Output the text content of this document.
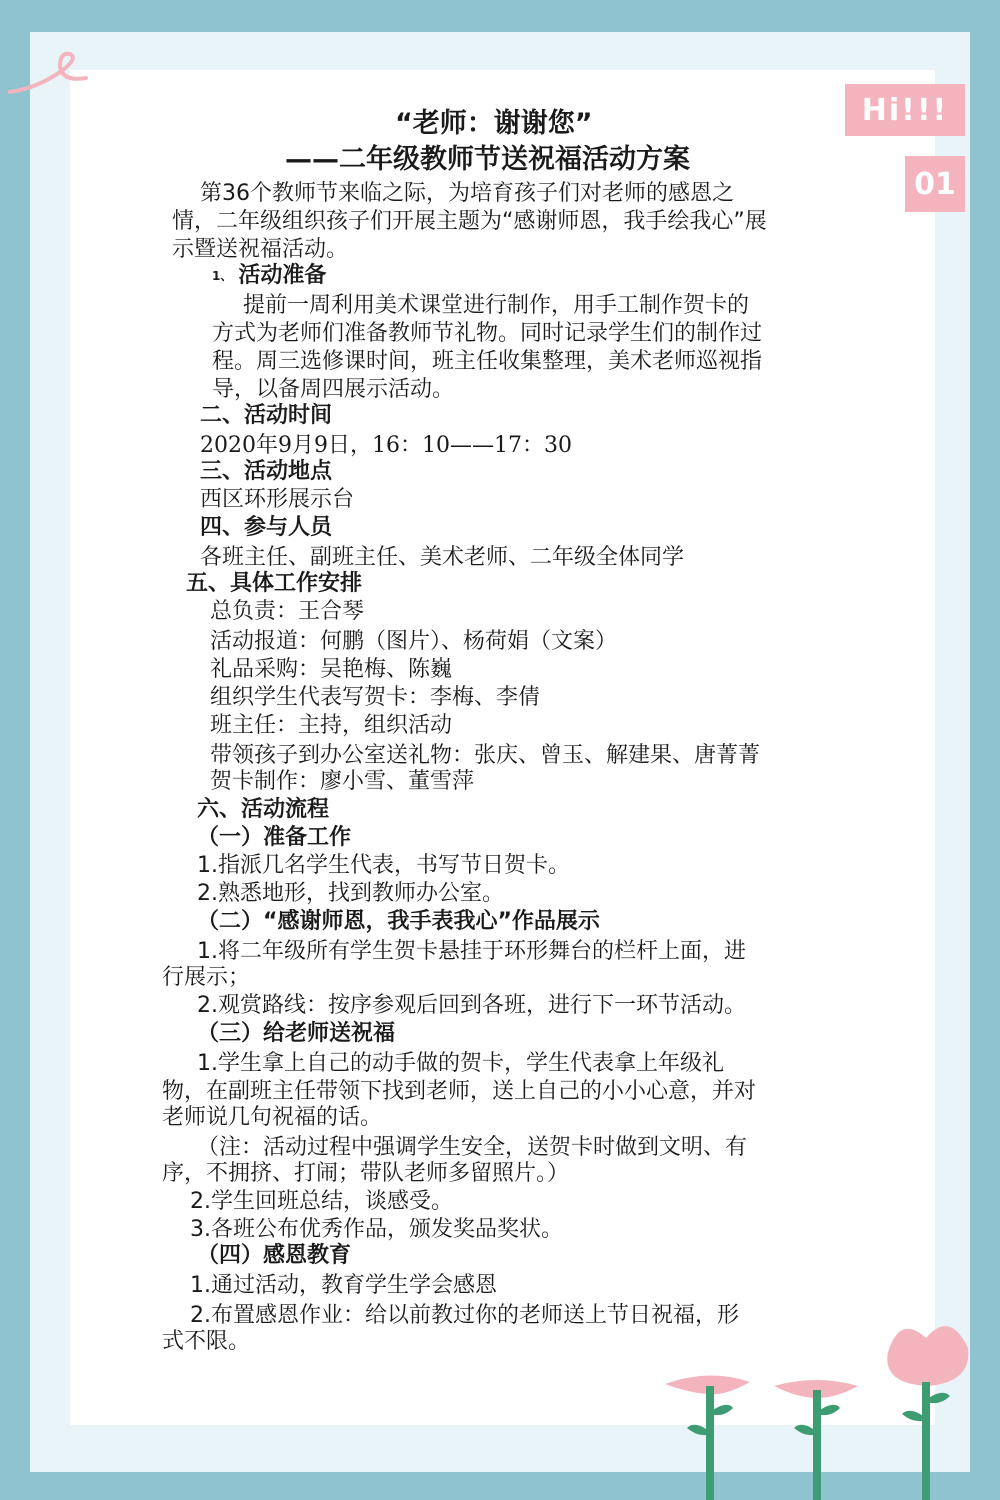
Hi!!!
01
“老师：谢谢您”
——二年级教师节送祝福活动方案
第36个教师节来临之际，为培育孩子们对老师的感恩之
情，二年级组织孩子们开展主题为“感谢师恩，我手绘我心”展
示暨送祝福活动。
1、 活动准备
提前一周利用美术课堂进行制作，用手工制作贺卡的
方式为老师们准备教师节礼物。同时记录学生们的制作过
程。周三选修课时间，班主任收集整理，美术老师巡视指
导，以备周四展示活动。
二、活动时间
2020年9月9日，16：10——17：30
三、活动地点
西区环形展示台
四、参与人员
各班主任、副班主任、美术老师、二年级全体同学
五、具体工作安排
总负责：王合琴
活动报道：何鹏（图片）、杨荷娟（文案）
礼品采购：吴艳梅、陈巍
组织学生代表写贺卡：李梅、李倩
班主任：主持，组织活动
带领孩子到办公室送礼物：张庆、曾玉、解建果、唐菁菁
贺卡制作：廖小雪、董雪萍
六、活动流程
（一）准备工作
1.指派几名学生代表，书写节日贺卡。
2.熟悉地形，找到教师办公室。
（二）“感谢师恩，我手表我心”作品展示
1.将二年级所有学生贺卡悬挂于环形舞台的栏杆上面，进
行展示；
2.观赏路线：按序参观后回到各班，进行下一环节活动。
（三）给老师送祝福
1.学生拿上自己的动手做的贺卡，学生代表拿上年级礼
物，在副班主任带领下找到老师，送上自己的小小心意，并对
老师说几句祝福的话。
（注：活动过程中强调学生安全，送贺卡时做到文明、有
序，不拥挤、打闹；带队老师多留照片。）
2.学生回班总结，谈感受。
3.各班公布优秀作品，颁发奖品奖状。
（四）感恩教育
1.通过活动，教育学生学会感恩
2.布置感恩作业：给以前教过你的老师送上节日祝福，形
式不限。
